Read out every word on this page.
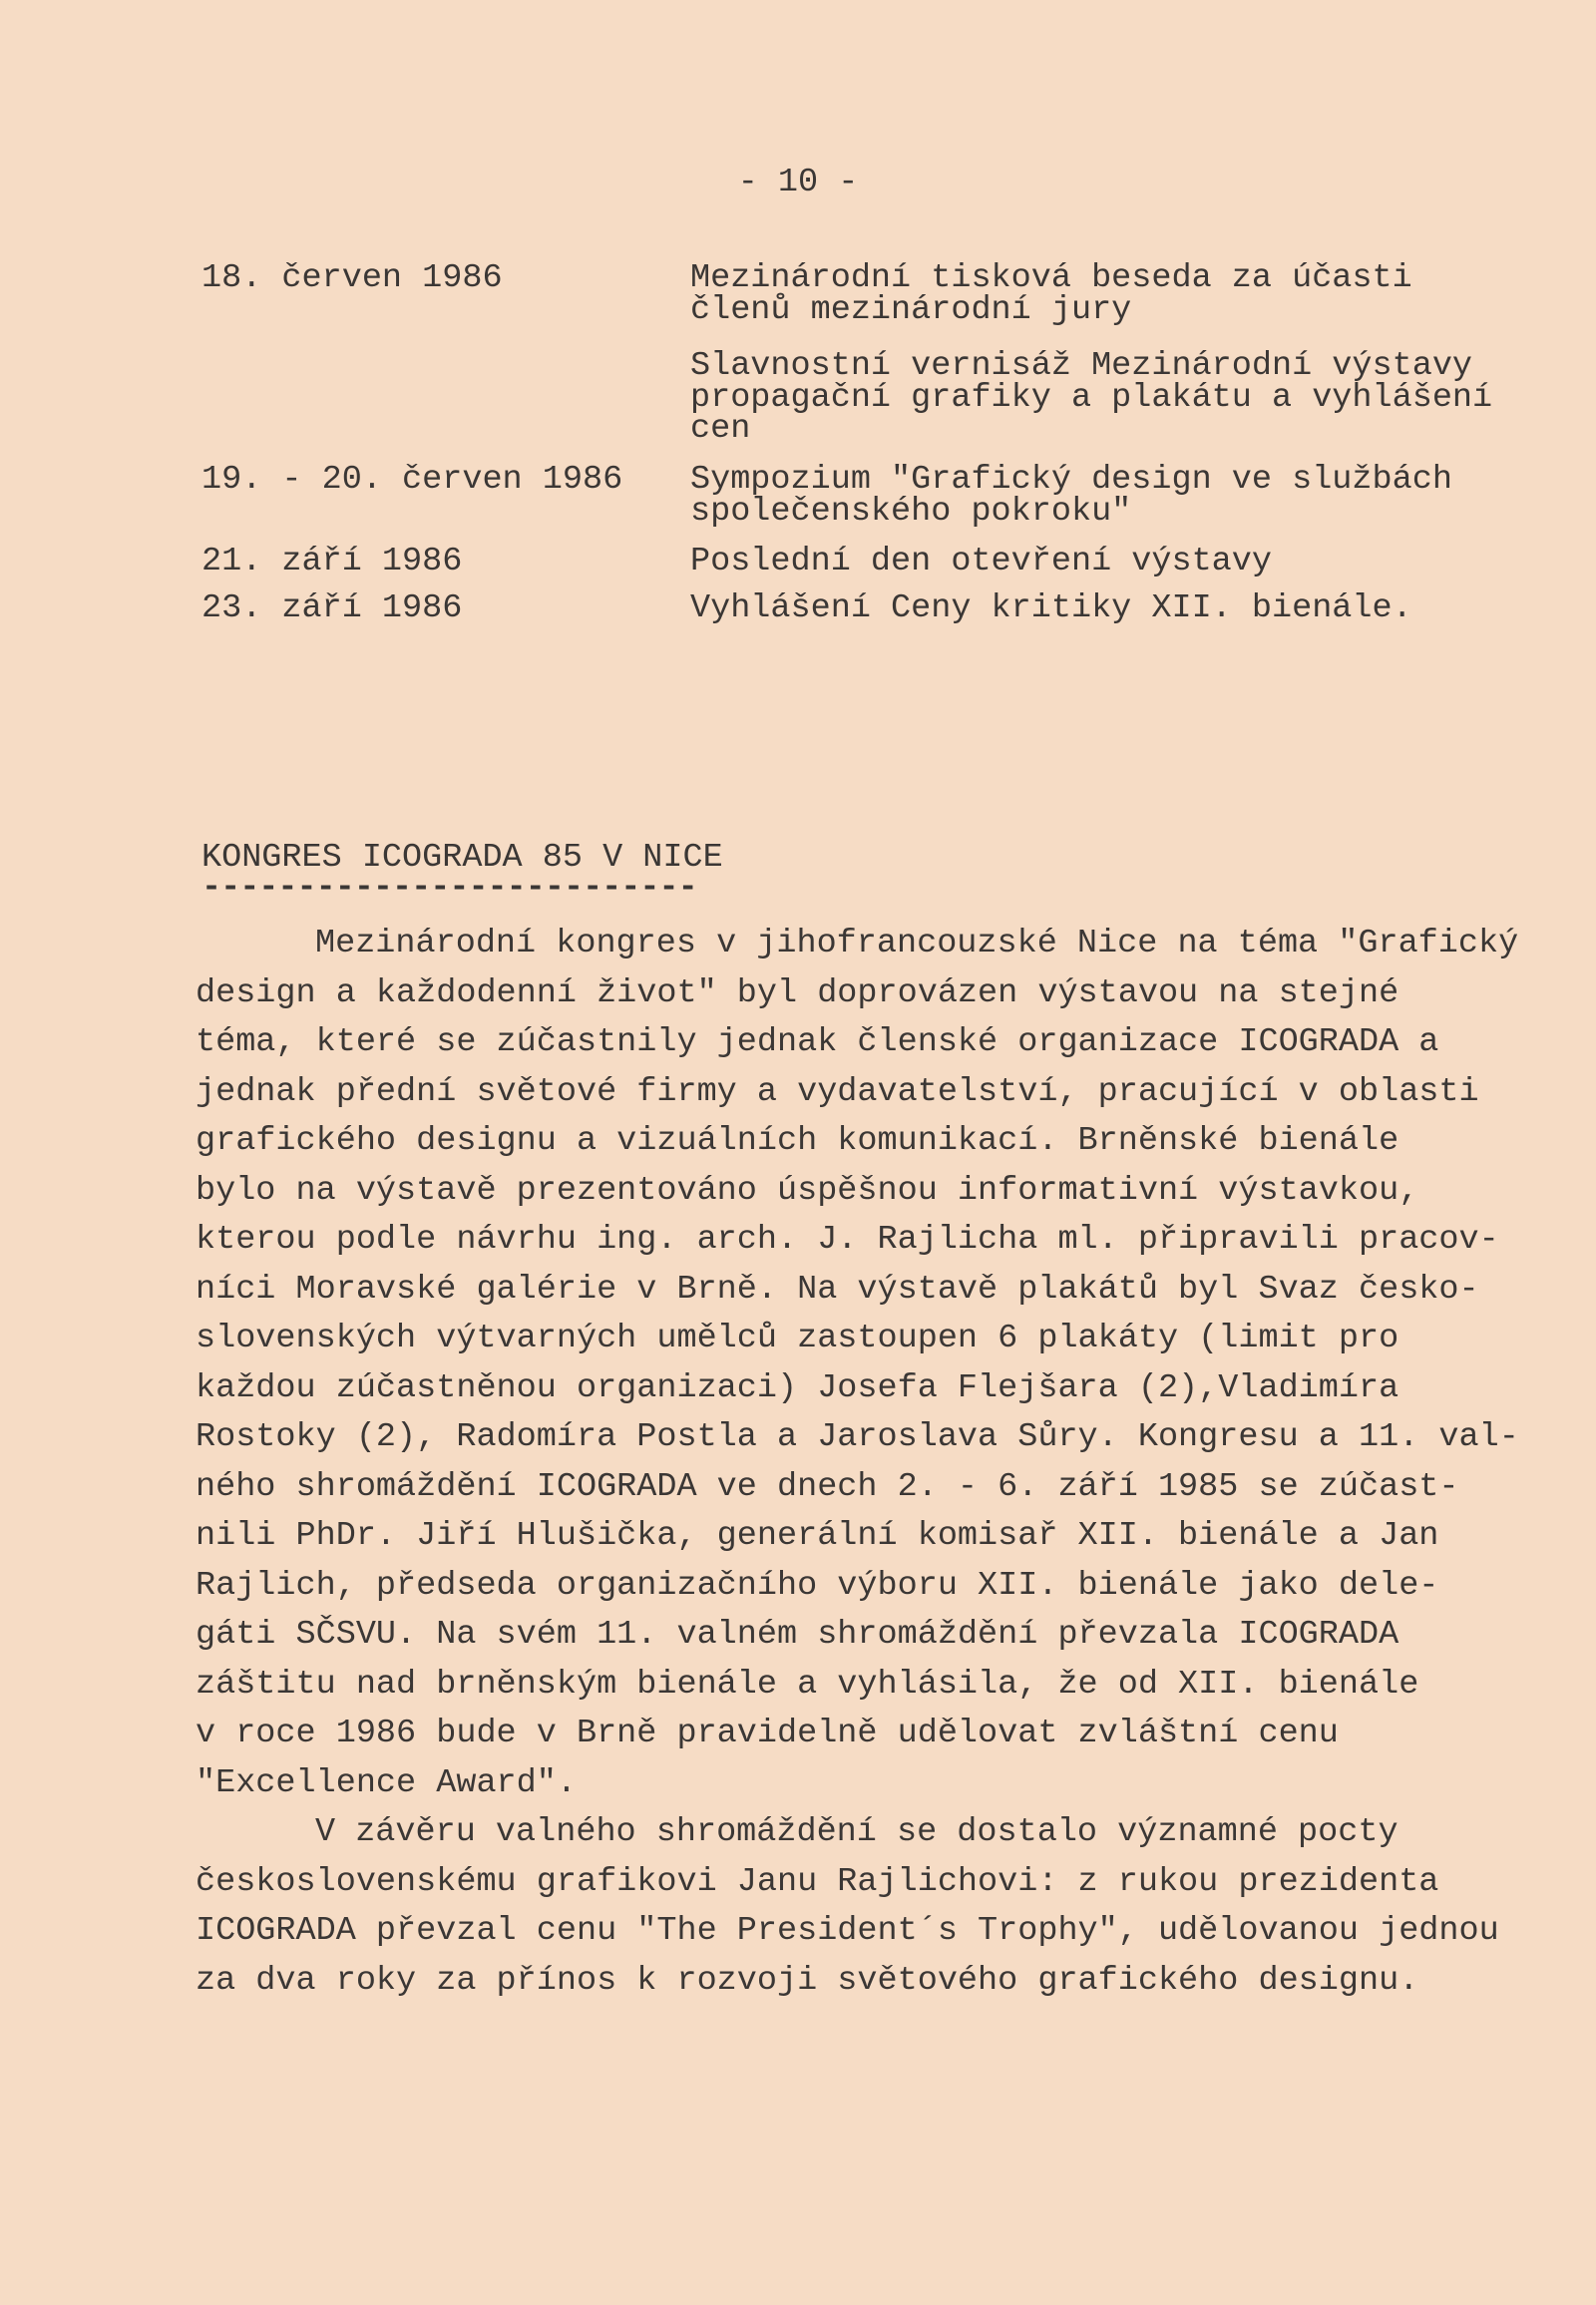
- 10 -
18. červen 1986	Mezinárodní tisková beseda za účasti
členů mezinárodní jury
Slavnostní vernisáž Mezinárodní výstavy
propagační grafiky a plakátu a vyhlášení
cen
19. - 20. červen 1986 Sympozium "Grafický design ve službách
společenského pokroku"
21. září 1986	Poslední den otevření výstavy
23. září 1986	Vyhlášení Ceny kritiky XII. bienále.
KONGRES ICOGRADA 85 V NICE
--------------------------
Mezinárodní kongres v jihofrancouzské Nice na téma "Grafický
design a každodenní život" byl doprovázen výstavou na stejné
téma, které se zúčastnily jednak členské organizace ICOGRADA a
jednak přední světové firmy a vydavatelství, pracující v oblasti
grafického designu a vizuálních komunikací. Brněnské bienále
bylo na výstavě prezentováno úspěšnou informativní výstavkou,
kterou podle návrhu ing. arch. J. Rajlicha ml. připravili pracov-
níci Moravské galérie v Brně. Na výstavě plakátů byl Svaz česko-
slovenských výtvarných umělců zastoupen 6 plakáty (limit pro
každou zúčastněnou organizaci) Josefa Flejšara (2),Vladimíra
Rostoky (2), Radomíra Postla a Jaroslava Sůry. Kongresu a 11. val-
ného shromáždění ICOGRADA ve dnech 2. - 6. září 1985 se zúčast-
nili PhDr. Jiří Hlušička, generální komisař XII. bienále a Jan
Rajlich, předseda organizačního výboru XII. bienále jako dele-
gáti SČSVU. Na svém 11. valném shromáždění převzala ICOGRADA
záštitu nad brněnským bienále a vyhlásila, že od XII. bienále
v roce 1986 bude v Brně pravidelně udělovat zvláštní cenu
"Excellence Award".
V závěru valného shromáždění se dostalo významné pocty
československému grafikovi Janu Rajlichovi: z rukou prezidenta
ICOGRADA převzal cenu "The President´s Trophy", udělovanou jednou
za dva roky za přínos k rozvoji světového grafického designu.
